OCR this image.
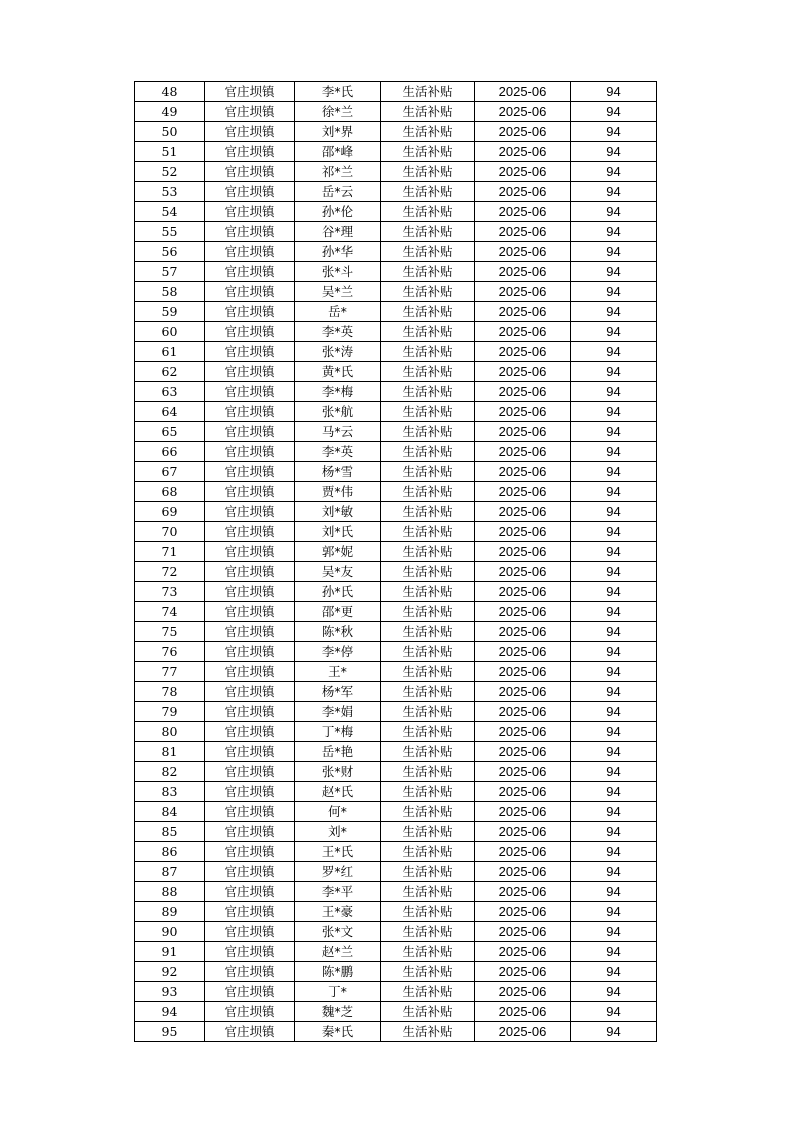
48	官庄坝镇	李*氏	生活补贴	2025-06	94
49	官庄坝镇	徐*兰	生活补贴	2025-06	94
50	官庄坝镇	刘*界	生活补贴	2025-06	94
51	官庄坝镇	邵*峰	生活补贴	2025-06	94
52	官庄坝镇	祁*兰	生活补贴	2025-06	94
53	官庄坝镇	岳*云	生活补贴	2025-06	94
54	官庄坝镇	孙*伦	生活补贴	2025-06	94
55	官庄坝镇	谷*理	生活补贴	2025-06	94
56	官庄坝镇	孙*华	生活补贴	2025-06	94
57	官庄坝镇	张*斗	生活补贴	2025-06	94
58	官庄坝镇	吴*兰	生活补贴	2025-06	94
59	官庄坝镇	岳*	生活补贴	2025-06	94
60	官庄坝镇	李*英	生活补贴	2025-06	94
61	官庄坝镇	张*涛	生活补贴	2025-06	94
62	官庄坝镇	黄*氏	生活补贴	2025-06	94
63	官庄坝镇	李*梅	生活补贴	2025-06	94
64	官庄坝镇	张*航	生活补贴	2025-06	94
65	官庄坝镇	马*云	生活补贴	2025-06	94
66	官庄坝镇	李*英	生活补贴	2025-06	94
67	官庄坝镇	杨*雪	生活补贴	2025-06	94
68	官庄坝镇	贾*伟	生活补贴	2025-06	94
69	官庄坝镇	刘*敏	生活补贴	2025-06	94
70	官庄坝镇	刘*氏	生活补贴	2025-06	94
71	官庄坝镇	郭*妮	生活补贴	2025-06	94
72	官庄坝镇	吴*友	生活补贴	2025-06	94
73	官庄坝镇	孙*氏	生活补贴	2025-06	94
74	官庄坝镇	邵*更	生活补贴	2025-06	94
75	官庄坝镇	陈*秋	生活补贴	2025-06	94
76	官庄坝镇	李*停	生活补贴	2025-06	94
77	官庄坝镇	王*	生活补贴	2025-06	94
78	官庄坝镇	杨*军	生活补贴	2025-06	94
79	官庄坝镇	李*娟	生活补贴	2025-06	94
80	官庄坝镇	丁*梅	生活补贴	2025-06	94
81	官庄坝镇	岳*艳	生活补贴	2025-06	94
82	官庄坝镇	张*财	生活补贴	2025-06	94
83	官庄坝镇	赵*氏	生活补贴	2025-06	94
84	官庄坝镇	何*	生活补贴	2025-06	94
85	官庄坝镇	刘*	生活补贴	2025-06	94
86	官庄坝镇	王*氏	生活补贴	2025-06	94
87	官庄坝镇	罗*红	生活补贴	2025-06	94
88	官庄坝镇	李*平	生活补贴	2025-06	94
89	官庄坝镇	王*豪	生活补贴	2025-06	94
90	官庄坝镇	张*文	生活补贴	2025-06	94
91	官庄坝镇	赵*兰	生活补贴	2025-06	94
92	官庄坝镇	陈*鹏	生活补贴	2025-06	94
93	官庄坝镇	丁*	生活补贴	2025-06	94
94	官庄坝镇	魏*芝	生活补贴	2025-06	94
95	官庄坝镇	秦*氏	生活补贴	2025-06	94
